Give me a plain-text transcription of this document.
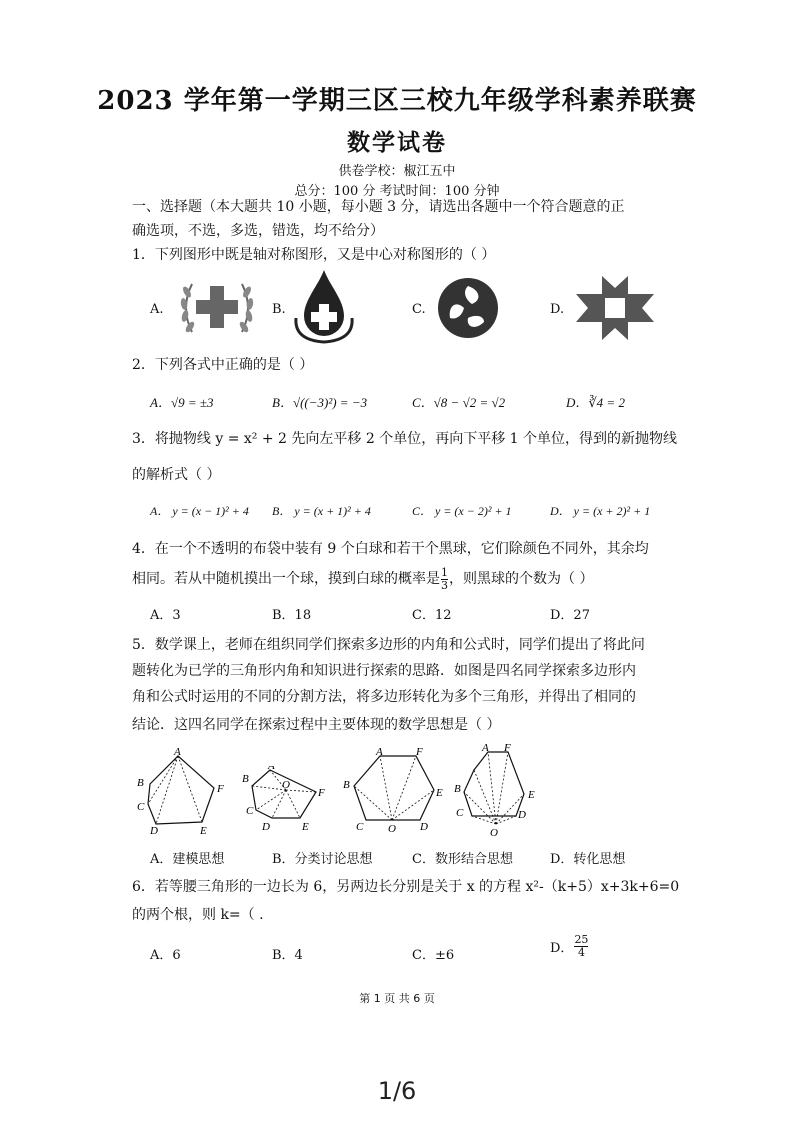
2023 学年第一学期三区三校九年级学科素养联赛
数学试卷
供卷学校：椒江五中
总分：100 分 考试时间：100 分钟
一、选择题（本大题共 10 小题，每小题 3 分，请选出各题中一个符合题意的正
确选项，不选，多选，错选，均不给分）
1．下列图形中既是轴对称图形，又是中心对称图形的（ ）
A.	B.	C.	D.
2．下列各式中正确的是（ ）
A．√9 = ±3	B．√((−3)²) = −3	C．√8 − √2 = √2	D．∛4 = 2
3．将抛物线 y = x² + 2 先向左平移 2 个单位，再向下平移 1 个单位，得到的新抛物线
的解析式（ ）
A． y = (x − 1)² + 4 B． y = (x + 1)² + 4	C． y = (x − 2)² + 1	D． y = (x + 2)² + 1
4．在一个不透明的布袋中装有 9 个白球和若干个黑球，它们除颜色不同外，其余均
相同。若从中随机摸出一个球，摸到白球的概率是 $\frac{1}{3}$ ，则黑球的个数为（ ）
A．3	B．18	C．12	D．27
5．数学课上，老师在组织同学们探索多边形的内角和公式时，同学们提出了将此问
题转化为已学的三角形内角和知识进行探索的思路．如图是四名同学探索多边形内
角和公式时运用的不同的分割方法，将多边形转化为多个三角形，并得出了相同的
结论．这四名同学在探索过程中主要体现的数学思想是（ ）
A
B
C
D	E
F
B
A
O
F
C
D	E
A	F
B
E
C O D
A F
B	E
C	D
O
A．建模思想	B．分类讨论思想	C．数形结合思想	D．转化思想
6．若等腰三角形的一边长为 6，另两边长分别是关于 x 的方程 x²-（k+5）x+3k+6=0
的两个根，则 k=（ .
A．6	B．4	C．±6	D． $\frac{25}{4}$
第 1 页 共 6 页
1/6
